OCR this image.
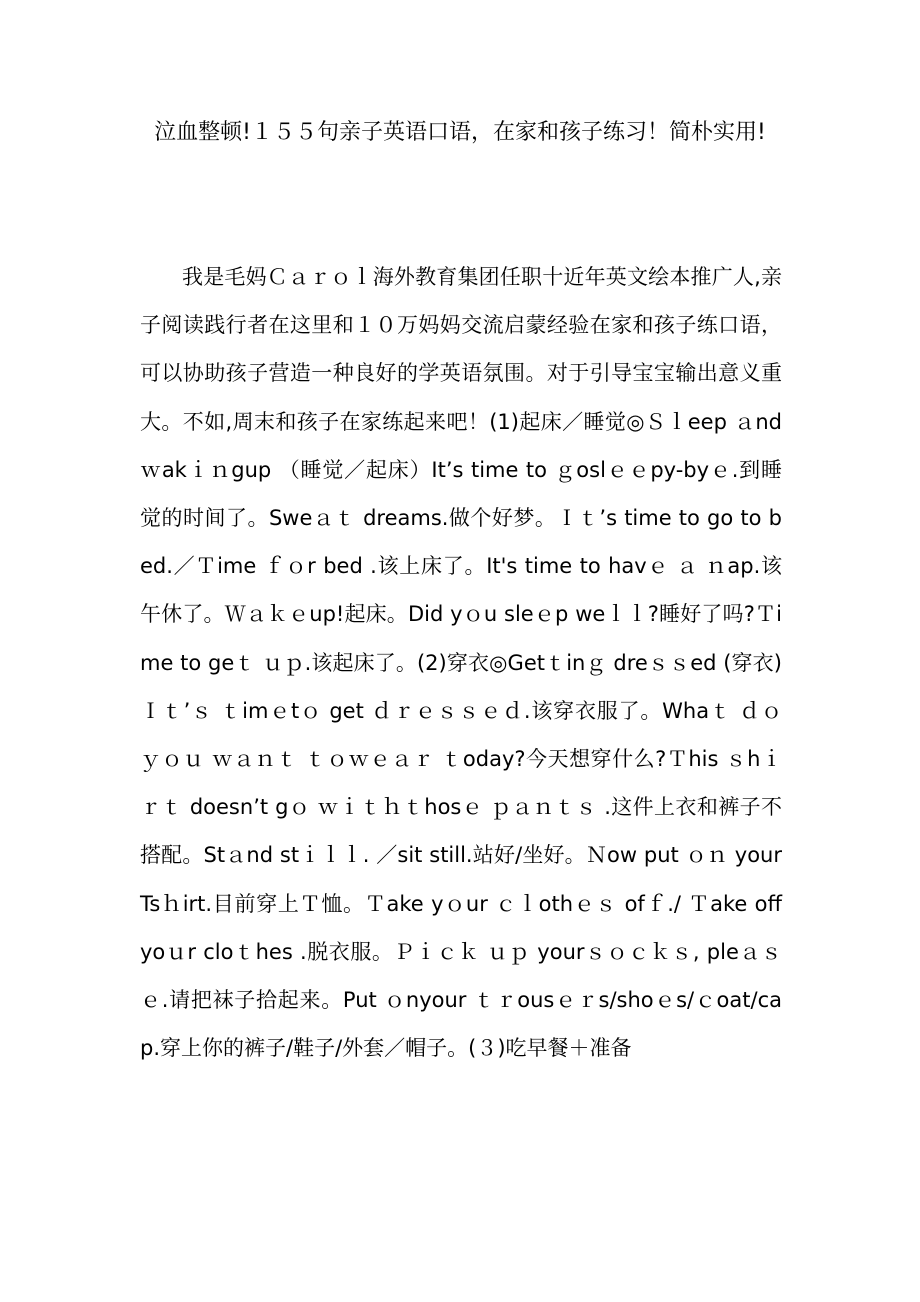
泣血整顿!１５５句亲子英语口语，在家和孩子练习！简朴实用!

我是毛妈Ｃａｒｏｌ海外教育集团任职十近年英文绘本推广人,亲子阅读践行者在这里和１０万妈妈交流启蒙经验在家和孩子练口语，可以协助孩子营造一种良好的学英语氛围。对于引导宝宝输出意义重大。不如,周末和孩子在家练起来吧！(1)起床／睡觉◎Ｓｌeep ａnd ｗakｉｎgup （睡觉／起床）It’s time to ｇoslｅｅpy-byｅ.到睡觉的时间了。Sweａｔ dreams.做个好梦。Ｉｔ’s time to go to bed.／Ｔime ｆｏr bed .该上床了。It's time to havｅ ａ ｎap.该午休了。Ｗａｋｅup!起床。Did yｏu sleｅp weｌｌ?睡好了吗?Ｔime to geｔ ｕｐ.该起床了。(2)穿衣◎Getｔinｇ dreｓｓed (穿衣)Ｉｔ’ｓ ｔimｅtｏ get ｄｒｅｓｓｅｄ.该穿衣服了。Whaｔ ｄｏ ｙｏｕ ｗａｎｔ ｔｏｗｅａｒ ｔoday?今天想穿什么?Ｔhis ｓhｉｒｔ doesn’t gｏ ｗｉｔｈｔhosｅ ｐａｎｔｓ .这件上衣和裤子不搭配。Stａnd stｉｌｌ. ／sit still.站好/坐好。Ｎow put ｏｎ your Tsｈirt.目前穿上Ｔ恤。Ｔake yｏur ｃｌothｅｓ ofｆ./ Ｔake off yoｕr cloｔhes .脱衣服。Ｐｉｃｋ ｕｐ yourｓｏｃｋｓ, pleａｓｅ.请把袜子拾起来。Put ｏnyour ｔｒousｅｒs/shoｅs/ｃoat/cap.穿上你的裤子/鞋子/外套／帽子。(３)吃早餐＋准备
